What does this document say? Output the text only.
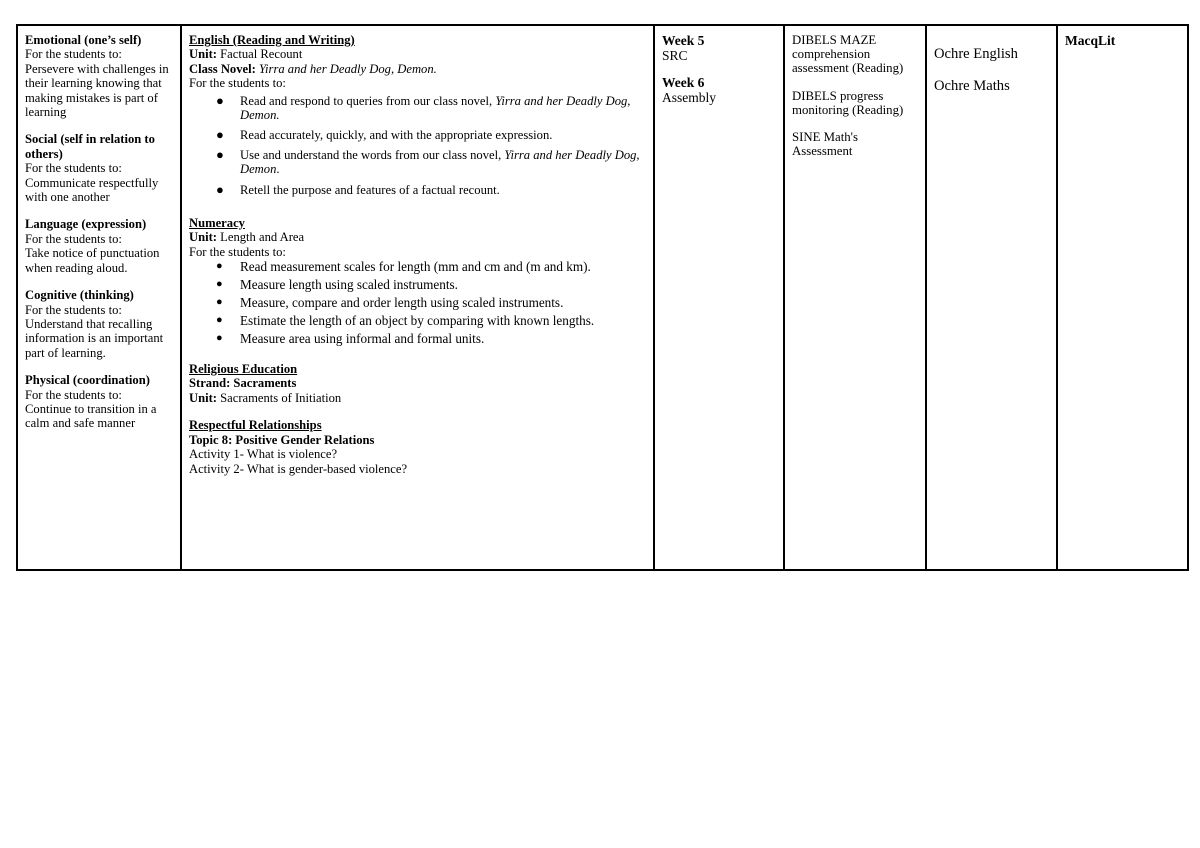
Emotional (one’s self)
For the students to:
Persevere with challenges in their learning knowing that making mistakes is part of learning
Social (self in relation to others)
For the students to:
Communicate respectfully with one another
Language (expression)
For the students to:
Take notice of punctuation when reading aloud.
Cognitive (thinking)
For the students to:
Understand that recalling information is an important part of learning.
Physical (coordination)
For the students to:
Continue to transition in a calm and safe manner
English (Reading and Writing)
Unit: Factual Recount
Class Novel: Yirra and her Deadly Dog, Demon.
For the students to:
● Read and respond to queries from our class novel, Yirra and her Deadly Dog, Demon.
● Read accurately, quickly, and with the appropriate expression.
● Use and understand the words from our class novel, Yirra and her Deadly Dog, Demon.
● Retell the purpose and features of a factual recount.
Numeracy
Unit: Length and Area
For the students to:
● Read measurement scales for length (mm and cm and (m and km).
● Measure length using scaled instruments.
● Measure, compare and order length using scaled instruments.
● Estimate the length of an object by comparing with known lengths.
● Measure area using informal and formal units.
Religious Education
Strand: Sacraments
Unit: Sacraments of Initiation
Respectful Relationships
Topic 8: Positive Gender Relations
Activity 1- What is violence?
Activity 2- What is gender-based violence?
Week 5
SRC
Week 6
Assembly
DIBELS MAZE comprehension assessment (Reading)
DIBELS progress monitoring (Reading)
SINE Math's Assessment
Ochre English
Ochre Maths
MacqLit
